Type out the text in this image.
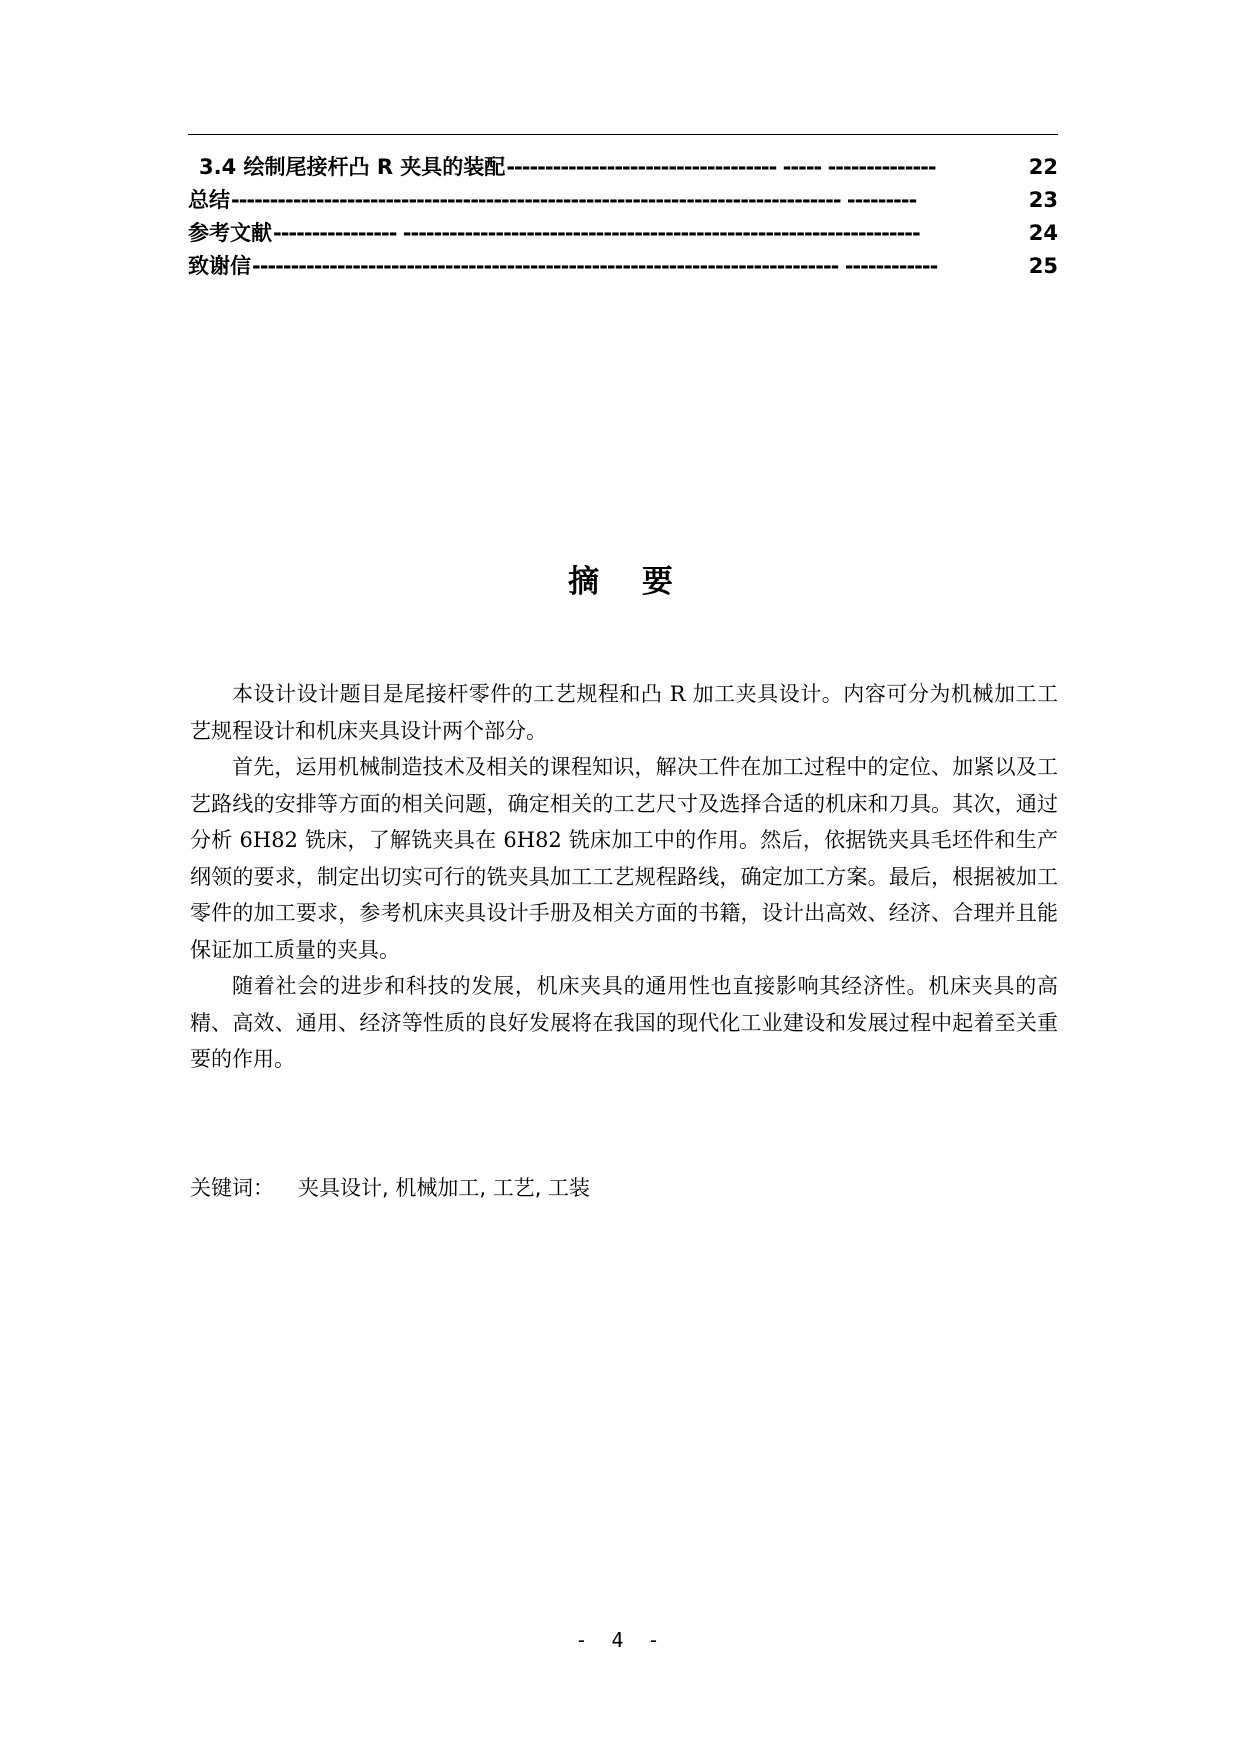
3.4 绘制尾接杆凸 R 夹具的装配 ----------------------------------- ----- --------------	22
总结 ------------------------------------------------------------------------------- ---------	23
参考文献 ---------------- -------------------------------------------------------------------	24
致谢信 ---------------------------------------------------------------------------- ------------	25
摘 要

本设计设计题目是尾接杆零件的工艺规程和凸 R 加工夹具设计。内容可分为机械加工工艺规程设计和机床夹具设计两个部分。

首先，运用机械制造技术及相关的课程知识，解决工件在加工过程中的定位、加紧以及工艺路线的安排等方面的相关问题，确定相关的工艺尺寸及选择合适的机床和刀具。其次，通过分析 6H82 铣床，了解铣夹具在 6H82 铣床加工中的作用。然后，依据铣夹具毛坯件和生产纲领的要求，制定出切实可行的铣夹具加工工艺规程路线，确定加工方案。最后，根据被加工零件的加工要求，参考机床夹具设计手册及相关方面的书籍，设计出高效、经济、合理并且能保证加工质量的夹具。

随着社会的进步和科技的发展，机床夹具的通用性也直接影响其经济性。机床夹具的高精、高效、通用、经济等性质的良好发展将在我国的现代化工业建设和发展过程中起着至关重要的作用。

关键词： 夹具设计, 机械加工, 工艺, 工装
- 4 -
